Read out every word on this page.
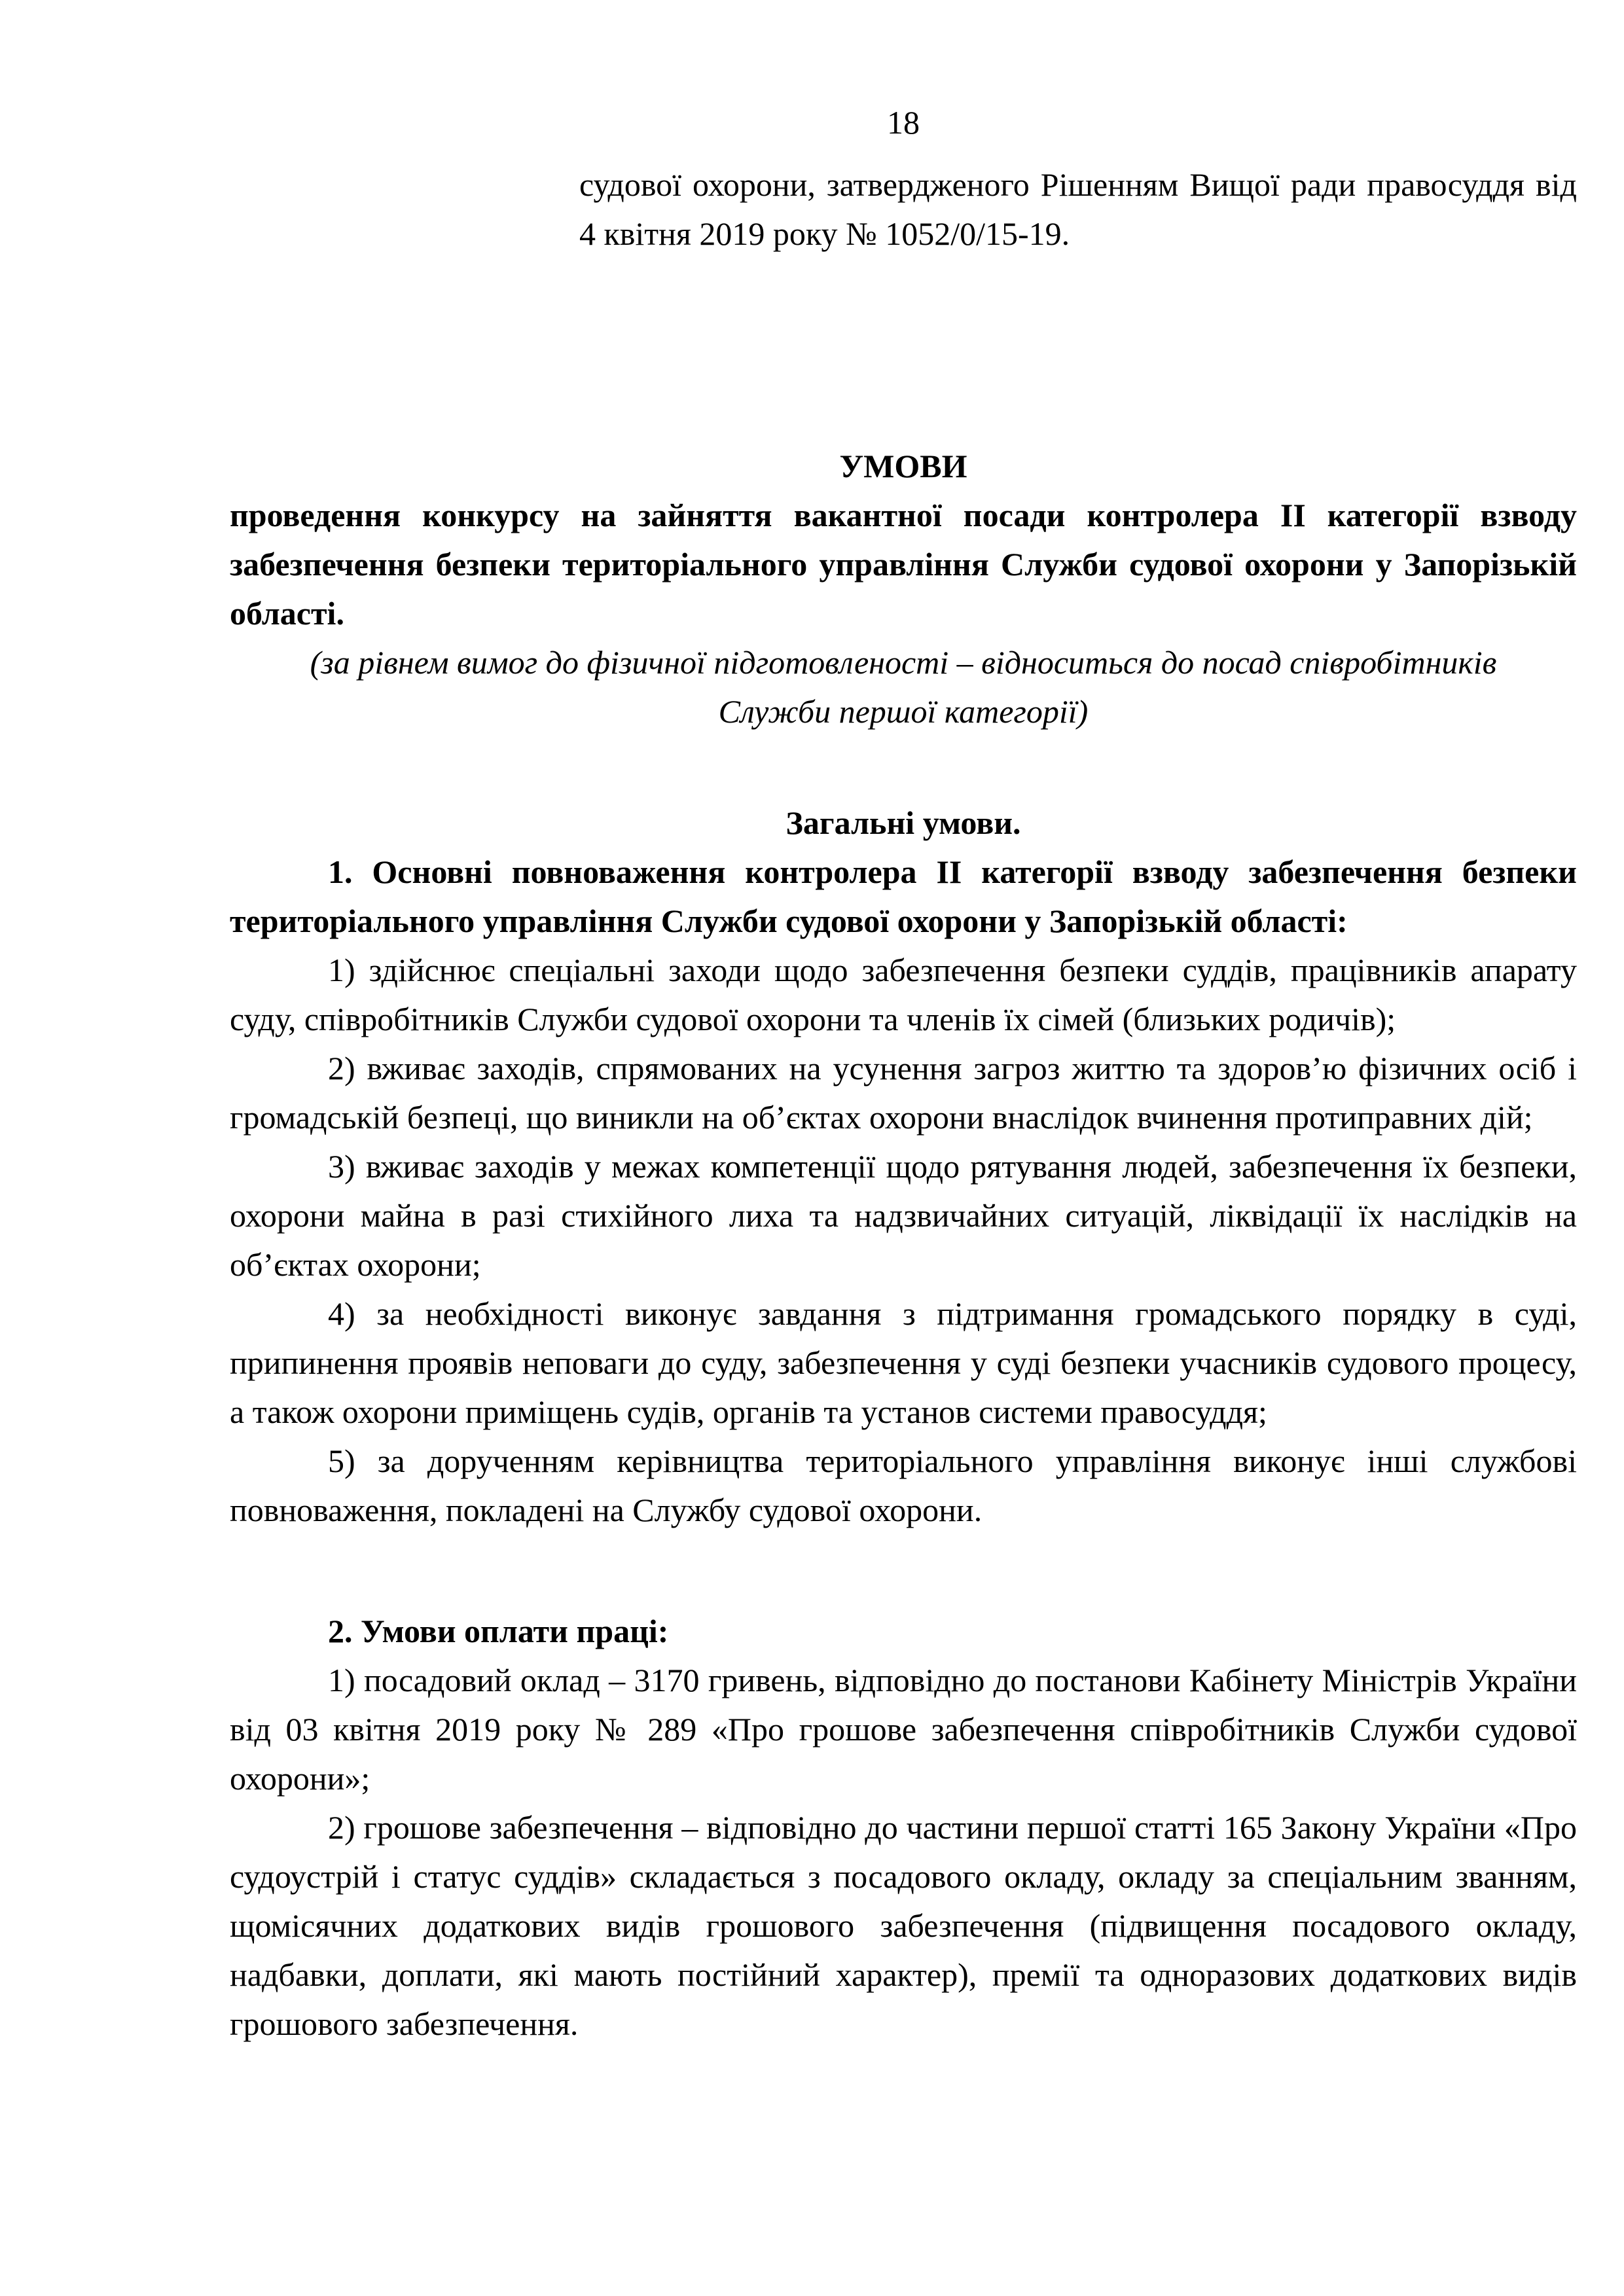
18

судової охорони, затвердженого Рішенням Вищої ради правосуддя від 4 квітня 2019 року № 1052/0/15-19.

УМОВИ

проведення конкурсу на зайняття вакантної посади контролера ІІ категорії взводу забезпечення безпеки територіального управління Служби судової охорони у Запорізькій області.

(за рівнем вимог до фізичної підготовленості – відноситься до посад співробітників Служби першої категорії)

Загальні умови.

1. Основні повноваження контролера ІІ категорії взводу забезпечення безпеки територіального управління Служби судової охорони у Запорізькій області:

1) здійснює спеціальні заходи щодо забезпечення безпеки суддів, працівників апарату суду, співробітників Служби судової охорони та членів їх сімей (близьких родичів);

2) вживає заходів, спрямованих на усунення загроз життю та здоров’ю фізичних осіб і громадській безпеці, що виникли на об’єктах охорони внаслідок вчинення протиправних дій;

3) вживає заходів у межах компетенції щодо рятування людей, забезпечення їх безпеки, охорони майна в разі стихійного лиха та надзвичайних ситуацій, ліквідації їх наслідків на об’єктах охорони;

4) за необхідності виконує завдання з підтримання громадського порядку в суді, припинення проявів неповаги до суду, забезпечення у суді безпеки учасників судового процесу, а також охорони приміщень судів, органів та установ системи правосуддя;

5) за дорученням керівництва територіального управління виконує інші службові повноваження, покладені на Службу судової охорони.

2. Умови оплати праці:

1) посадовий оклад – 3170 гривень, відповідно до постанови Кабінету Міністрів України від 03 квітня 2019 року № 289 «Про грошове забезпечення співробітників Служби судової охорони»;

2) грошове забезпечення – відповідно до частини першої статті 165 Закону України «Про судоустрій і статус суддів» складається з посадового окладу, окладу за спеціальним званням, щомісячних додаткових видів грошового забезпечення (підвищення посадового окладу, надбавки, доплати, які мають постійний характер), премії та одноразових додаткових видів грошового забезпечення.
